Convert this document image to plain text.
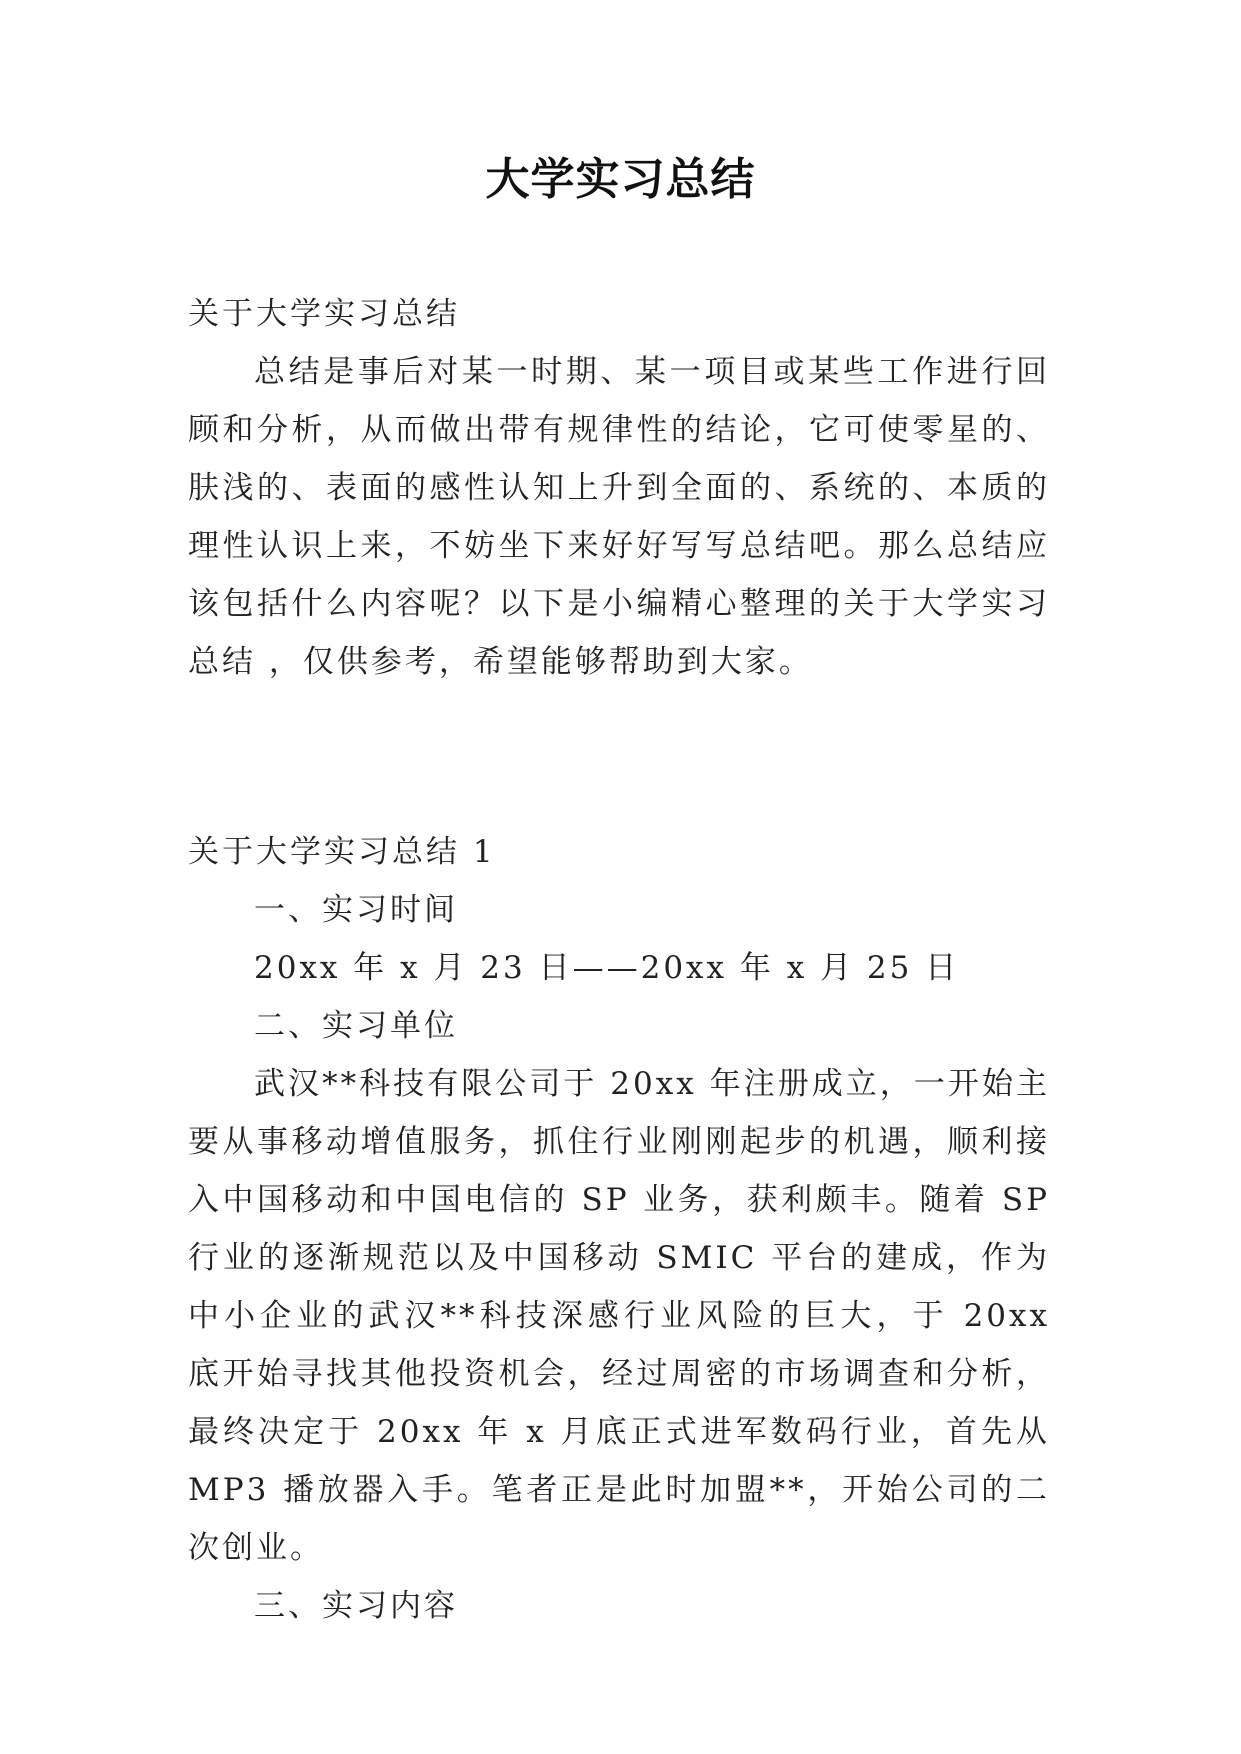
大学实习总结

关于大学实习总结

总结是事后对某一时期、某一项目或某些工作进行回顾和分析，从而做出带有规律性的结论，它可使零星的、肤浅的、表面的感性认知上升到全面的、系统的、本质的理性认识上来，不妨坐下来好好写写总结吧。那么总结应该包括什么内容呢？以下是小编精心整理的关于大学实习总结 ，仅供参考，希望能够帮助到大家。

关于大学实习总结 1

一、实习时间

20xx 年 x 月 23 日——20xx 年 x 月 25 日

二、实习单位

武汉**科技有限公司于 20xx 年注册成立，一开始主要从事移动增值服务，抓住行业刚刚起步的机遇，顺利接入中国移动和中国电信的 SP 业务，获利颇丰。随着 SP 行业的逐渐规范以及中国移动 SMIC 平台的建成，作为中小企业的武汉**科技深感行业风险的巨大，于 20xx 底开始寻找其他投资机会，经过周密的市场调查和分析，最终决定于 20xx 年 x 月底正式进军数码行业，首先从 MP3 播放器入手。笔者正是此时加盟**，开始公司的二次创业。

三、实习内容
